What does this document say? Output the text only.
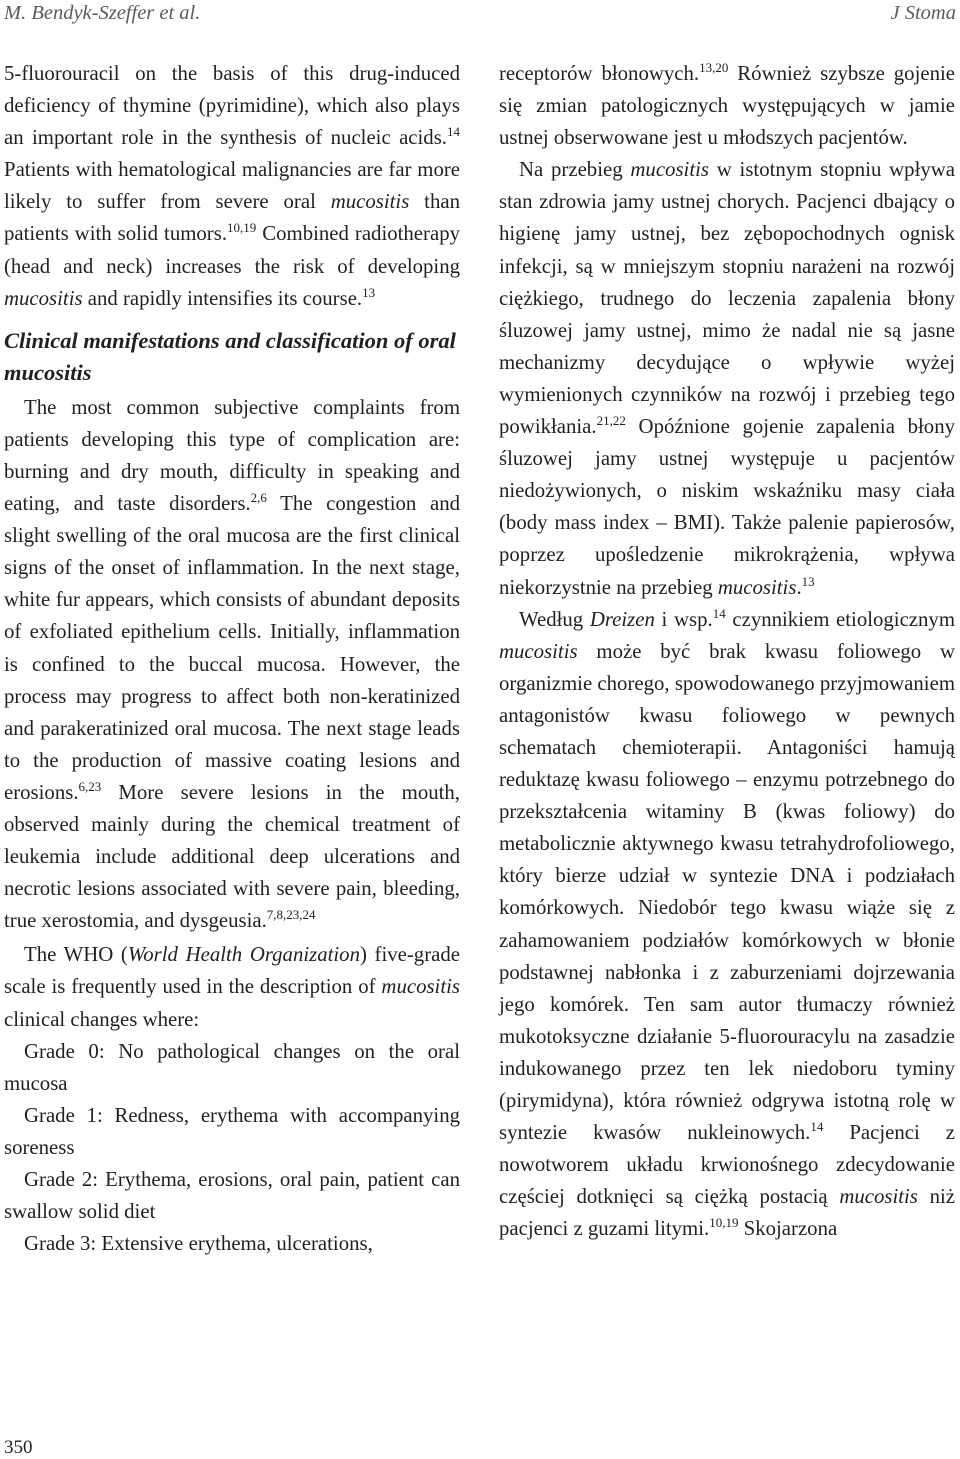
M. Bendyk-Szeffer et al.	J Stoma

5-fluorouracil on the basis of this drug-induced deficiency of thymine (pyrimidine), which also plays an important role in the synthesis of nucleic acids.$^{14}$ Patients with hematological malignancies are far more likely to suffer from severe oral mucositis than patients with solid tumors.$^{10,19}$ Combined radiotherapy (head and neck) increases the risk of developing mucositis and rapidly intensifies its course.$^{13}$

Clinical manifestations and classification of oral mucositis

The most common subjective complaints from patients developing this type of complication are: burning and dry mouth, difficulty in speaking and eating, and taste disorders.$^{2,6}$ The congestion and slight swelling of the oral mucosa are the first clinical signs of the onset of inflammation. In the next stage, white fur appears, which consists of abundant deposits of exfoliated epithelium cells. Initially, inflammation is confined to the buccal mucosa. However, the process may progress to affect both non-keratinized and parakeratinized oral mucosa. The next stage leads to the production of massive coating lesions and erosions.$^{6,23}$ More severe lesions in the mouth, observed mainly during the chemical treatment of leukemia include additional deep ulcerations and necrotic lesions associated with severe pain, bleeding, true xerostomia, and dysgeusia.$^{7,8,23,24}$

The WHO (World Health Organization) five-grade scale is frequently used in the description of mucositis clinical changes where:

Grade 0: No pathological changes on the oral mucosa

Grade 1: Redness, erythema with accompanying soreness

Grade 2: Erythema, erosions, oral pain, patient can swallow solid diet

Grade 3: Extensive erythema, ulcerations,

receptorów błonowych.$^{13,20}$ Również szybsze gojenie się zmian patologicznych występujących w jamie ustnej obserwowane jest u młodszych pacjentów.

Na przebieg mucositis w istotnym stopniu wpływa stan zdrowia jamy ustnej chorych. Pacjenci dbający o higienę jamy ustnej, bez zębopochodnych ognisk infekcji, są w mniejszym stopniu narażeni na rozwój ciężkiego, trudnego do leczenia zapalenia błony śluzowej jamy ustnej, mimo że nadal nie są jasne mechanizmy decydujące o wpływie wyżej wymienionych czynników na rozwój i przebieg tego powikłania.$^{21,22}$ Opóźnione gojenie zapalenia błony śluzowej jamy ustnej występuje u pacjentów niedożywionych, o niskim wskaźniku masy ciała (body mass index – BMI). Także palenie papierosów, poprzez upośledzenie mikrokrążenia, wpływa niekorzystnie na przebieg mucositis.$^{13}$

Według Dreizen i wsp.$^{14}$ czynnikiem etiologicznym mucositis może być brak kwasu foliowego w organizmie chorego, spowodowanego przyjmowaniem antagonistów kwasu foliowego w pewnych schematach chemioterapii. Antagoniści hamują reduktazę kwasu foliowego – enzymu potrzebnego do przekształcenia witaminy B (kwas foliowy) do metabolicznie aktywnego kwasu tetrahydrofoliowego, który bierze udział w syntezie DNA i podziałach komórkowych. Niedobór tego kwasu wiąże się z zahamowaniem podziałów komórkowych w błonie podstawnej nabłonka i z zaburzeniami dojrzewania jego komórek. Ten sam autor tłumaczy również mukotoksyczne działanie 5-fluorouracylu na zasadzie indukowanego przez ten lek niedoboru tyminy (pirymidyna), która również odgrywa istotną rolę w syntezie kwasów nukleinowych.$^{14}$ Pacjenci z nowotworem układu krwionośnego zdecydowanie częściej dotknięci są ciężką postacią mucositis niż pacjenci z guzami litymi.$^{10,19}$ Skojarzona

350
